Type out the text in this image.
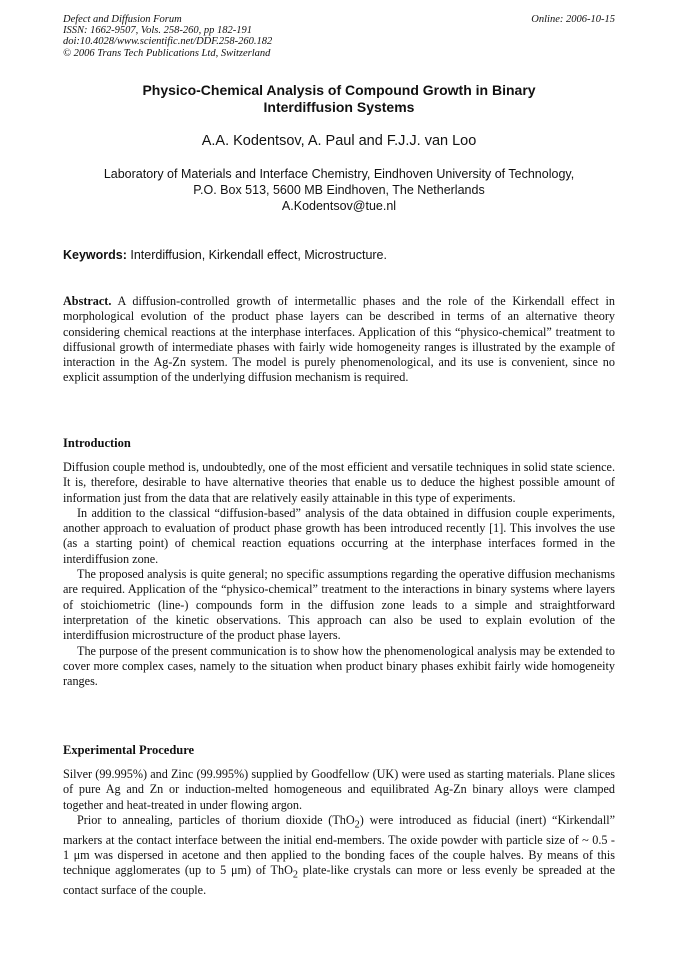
Defect and Diffusion Forum
ISSN: 1662-9507, Vols. 258-260, pp 182-191
doi:10.4028/www.scientific.net/DDF.258-260.182
© 2006 Trans Tech Publications Ltd, Switzerland
Online: 2006-10-15
Physico-Chemical Analysis of Compound Growth in Binary
Interdiffusion Systems
A.A. Kodentsov, A. Paul and F.J.J. van Loo
Laboratory of Materials and Interface Chemistry, Eindhoven University of Technology,
P.O. Box 513, 5600 MB Eindhoven, The Netherlands
A.Kodentsov@tue.nl
Keywords: Interdiffusion, Kirkendall effect, Microstructure.
Abstract. A diffusion-controlled growth of intermetallic phases and the role of the Kirkendall effect in morphological evolution of the product phase layers can be described in terms of an alternative theory considering chemical reactions at the interphase interfaces. Application of this “physico-chemical” treatment to diffusional growth of intermediate phases with fairly wide homogeneity ranges is illustrated by the example of interaction in the Ag-Zn system. The model is purely phenomenological, and its use is convenient, since no explicit assumption of the underlying diffusion mechanism is required.
Introduction

Diffusion couple method is, undoubtedly, one of the most efficient and versatile techniques in solid state science. It is, therefore, desirable to have alternative theories that enable us to deduce the highest possible amount of information just from the data that are relatively easily attainable in this type of experiments.

In addition to the classical “diffusion-based” analysis of the data obtained in diffusion couple experiments, another approach to evaluation of product phase growth has been introduced recently [1]. This involves the use (as a starting point) of chemical reaction equations occurring at the interphase interfaces formed in the interdiffusion zone.

The proposed analysis is quite general; no specific assumptions regarding the operative diffusion mechanisms are required. Application of the “physico-chemical” treatment to the interactions in binary systems where layers of stoichiometric (line-) compounds form in the diffusion zone leads to a simple and straightforward interpretation of the kinetic observations. This approach can also be used to explain evolution of the interdiffusion microstructure of the product phase layers.

The purpose of the present communication is to show how the phenomenological analysis may be extended to cover more complex cases, namely to the situation when product binary phases exhibit fairly wide homogeneity ranges.

Experimental Procedure

Silver (99.995%) and Zinc (99.995%) supplied by Goodfellow (UK) were used as starting materials. Plane slices of pure Ag and Zn or induction-melted homogeneous and equilibrated Ag-Zn binary alloys were clamped together and heat-treated in under flowing argon.

Prior to annealing, particles of thorium dioxide (ThO$_2$) were introduced as fiducial (inert) “Kirkendall” markers at the contact interface between the initial end-members. The oxide powder with particle size of ~ 0.5 - 1 μm was dispersed in acetone and then applied to the bonding faces of the couple halves. By means of this technique agglomerates (up to 5 μm) of ThO$_2$ plate-like crystals can more or less evenly be spreaded at the contact surface of the couple.
